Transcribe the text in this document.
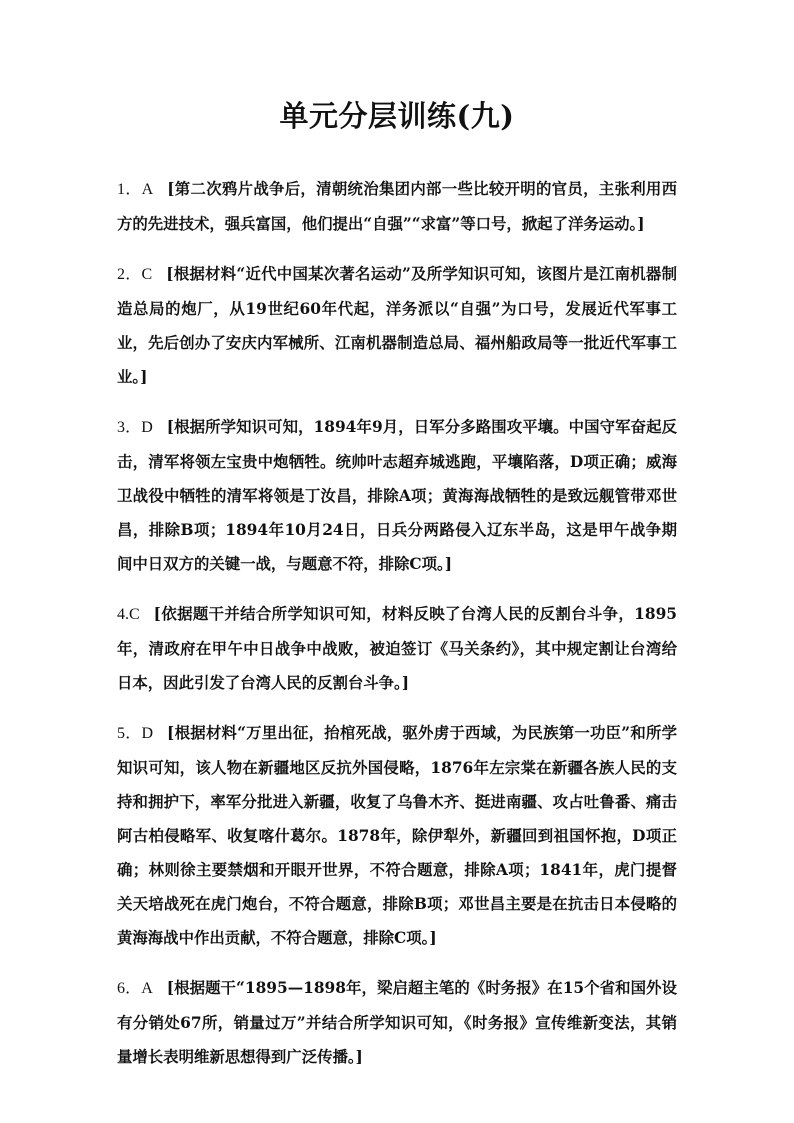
单元分层训练(九)

1．A [第二次鸦片战争后，清朝统治集团内部一些比较开明的官员，主张利用西方的先进技术，强兵富国，他们提出“自强”“求富”等口号，掀起了洋务运动。]

2．C [根据材料“近代中国某次著名运动”及所学知识可知，该图片是江南机器制造总局的炮厂，从19世纪60年代起，洋务派以“自强”为口号，发展近代军事工业，先后创办了安庆内军械所、江南机器制造总局、福州船政局等一批近代军事工业。]

3．D [根据所学知识可知，1894年9月，日军分多路围攻平壤。中国守军奋起反击，清军将领左宝贵中炮牺牲。统帅叶志超弃城逃跑，平壤陷落，D项正确；威海卫战役中牺牲的清军将领是丁汝昌，排除A项；黄海海战牺牲的是致远舰管带邓世昌，排除B项；1894年10月24日，日兵分两路侵入辽东半岛，这是甲午战争期间中日双方的关键一战，与题意不符，排除C项。]

4.C [依据题干并结合所学知识可知，材料反映了台湾人民的反割台斗争，1895年，清政府在甲午中日战争中战败，被迫签订《马关条约》，其中规定割让台湾给日本，因此引发了台湾人民的反割台斗争。]

5．D [根据材料“万里出征，抬棺死战，驱外虏于西域，为民族第一功臣”和所学知识可知，该人物在新疆地区反抗外国侵略，1876年左宗棠在新疆各族人民的支持和拥护下，率军分批进入新疆，收复了乌鲁木齐、挺进南疆、攻占吐鲁番、痛击阿古柏侵略军、收复喀什葛尔。1878年，除伊犁外，新疆回到祖国怀抱，D项正确；林则徐主要禁烟和开眼开世界，不符合题意，排除A项；1841年，虎门提督关天培战死在虎门炮台，不符合题意，排除B项；邓世昌主要是在抗击日本侵略的黄海海战中作出贡献，不符合题意，排除C项。]

6．A [根据题干“1895—1898年，梁启超主笔的《时务报》在15个省和国外设有分销处67所，销量过万”并结合所学知识可知，《时务报》宣传维新变法，其销量增长表明维新思想得到广泛传播。]
